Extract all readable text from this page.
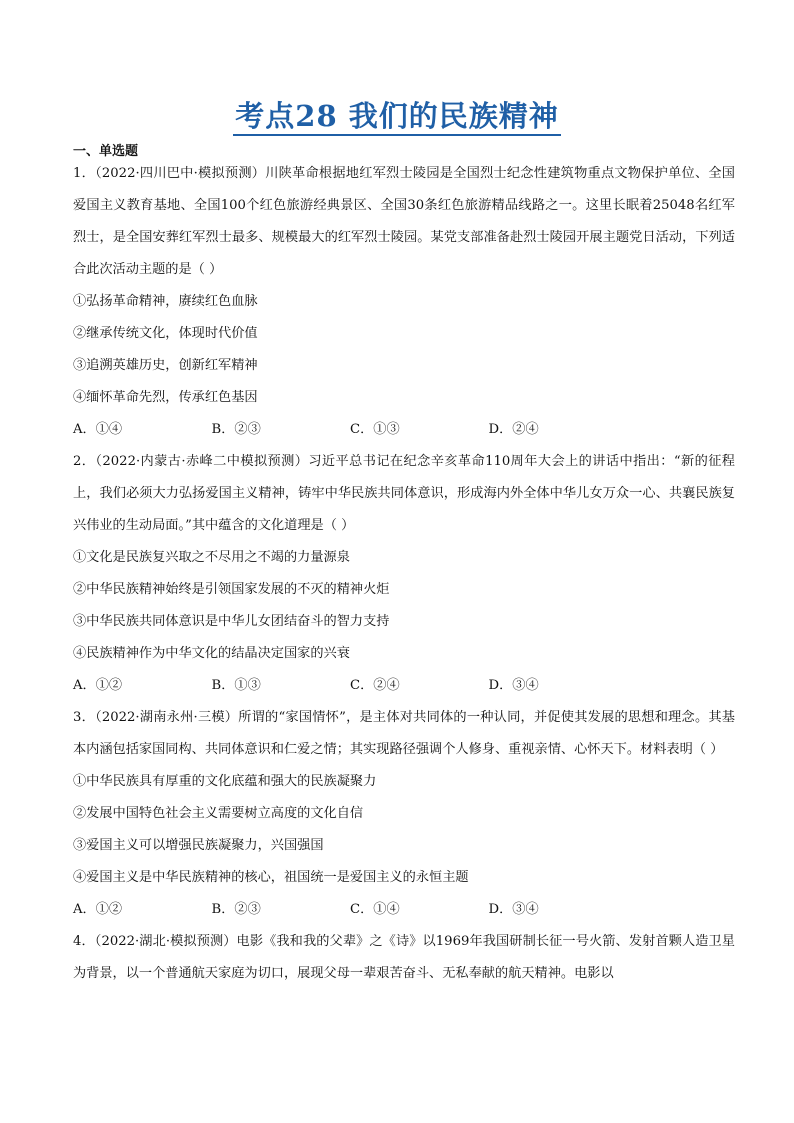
考点28 我们的民族精神
一、单选题
1．（2022·四川巴中·模拟预测）川陕革命根据地红军烈士陵园是全国烈士纪念性建筑物重点文物保护单位、全国爱国主义教育基地、全国100个红色旅游经典景区、全国30条红色旅游精品线路之一。这里长眠着25048名红军烈士，是全国安葬红军烈士最多、规模最大的红军烈士陵园。某党支部准备赴烈士陵园开展主题党日活动，下列适合此次活动主题的是（ ）
①弘扬革命精神，赓续红色血脉
②继承传统文化，体现时代价值
③追溯英雄历史，创新红军精神
④缅怀革命先烈，传承红色基因
A．①④	B．②③	C．①③	D．②④
2．（2022·内蒙古·赤峰二中模拟预测）习近平总书记在纪念辛亥革命110周年大会上的讲话中指出：“新的征程上，我们必须大力弘扬爱国主义精神，铸牢中华民族共同体意识，形成海内外全体中华儿女万众一心、共襄民族复兴伟业的生动局面。”其中蕴含的文化道理是（ ）
①文化是民族复兴取之不尽用之不竭的力量源泉
②中华民族精神始终是引领国家发展的不灭的精神火炬
③中华民族共同体意识是中华儿女团结奋斗的智力支持
④民族精神作为中华文化的结晶决定国家的兴衰
A．①②	B．①③	C．②④	D．③④
3．（2022·湖南永州·三模）所谓的“家国情怀”，是主体对共同体的一种认同，并促使其发展的思想和理念。其基本内涵包括家国同构、共同体意识和仁爱之情；其实现路径强调个人修身、重视亲情、心怀天下。材料表明（ ）
①中华民族具有厚重的文化底蕴和强大的民族凝聚力
②发展中国特色社会主义需要树立高度的文化自信
③爱国主义可以增强民族凝聚力，兴国强国
④爱国主义是中华民族精神的核心，祖国统一是爱国主义的永恒主题
A．①②	B．②③	C．①④	D．③④
4．（2022·湖北·模拟预测）电影《我和我的父辈》之《诗》以1969年我国研制长征一号火箭、发射首颗人造卫星为背景，以一个普通航天家庭为切口，展现父母一辈艰苦奋斗、无私奉献的航天精神。电影以
